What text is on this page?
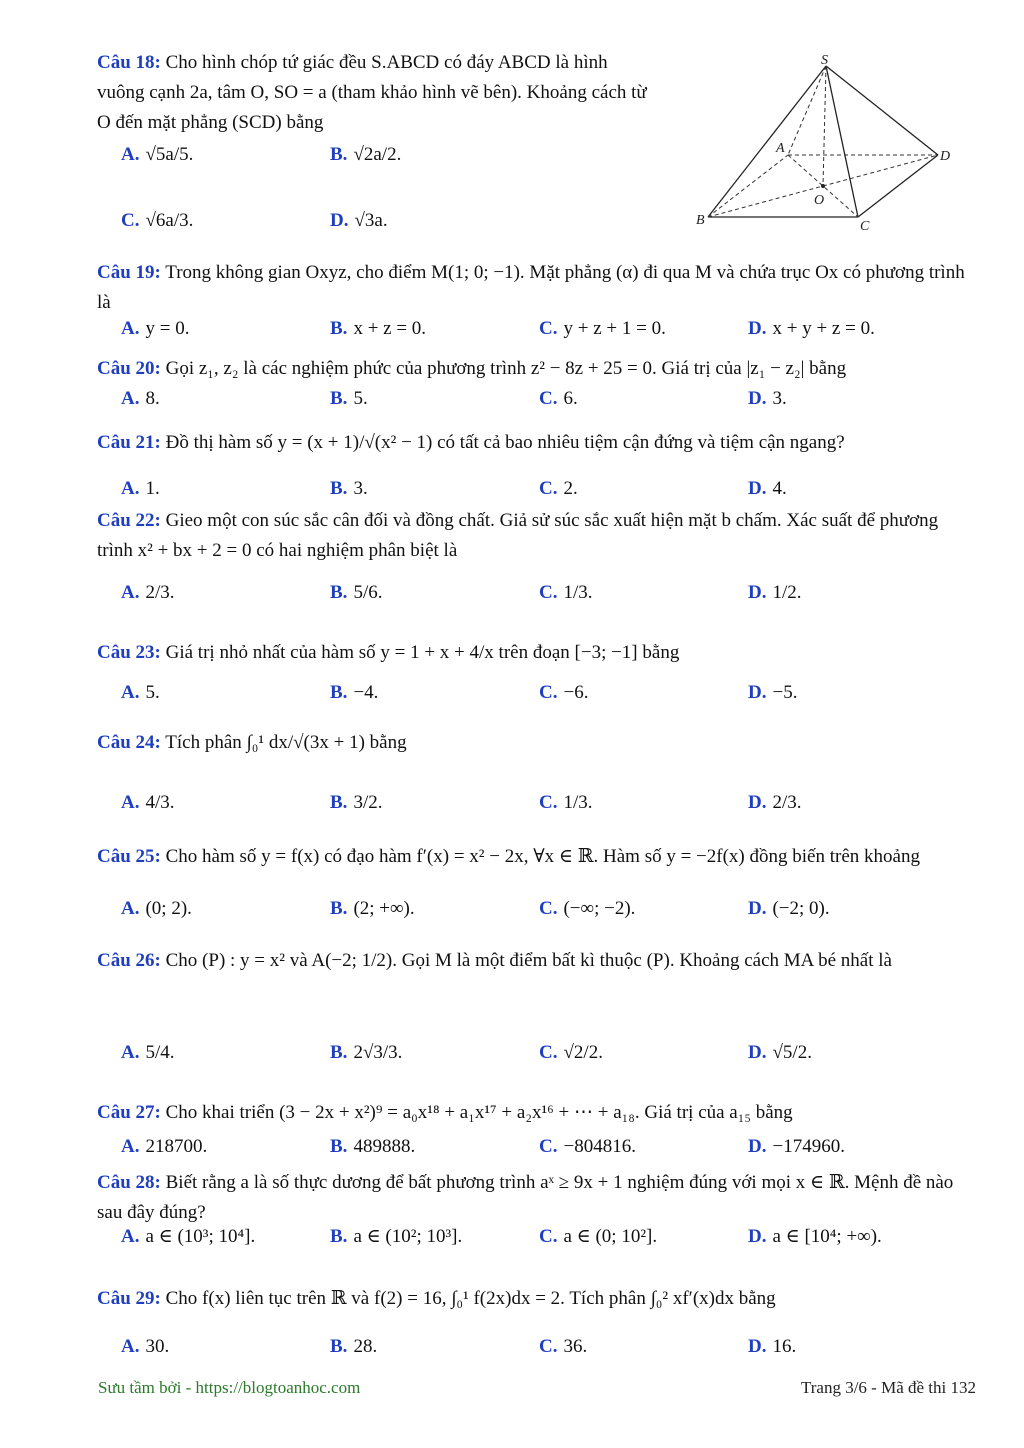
Câu 18: Cho hình chóp tứ giác đều S.ABCD có đáy ABCD là hình vuông cạnh 2a, tâm O, SO = a (tham khảo hình vẽ bên). Khoảng cách từ O đến mặt phẳng (SCD) bằng
A. √5a/5.	B. √2a/2.
C. √6a/3.	D. √3a.
S
A
B	C
D
O
Câu 19: Trong không gian Oxyz, cho điểm M(1; 0; −1). Mặt phẳng (α) đi qua M và chứa trục Ox có phương trình là
A. y = 0.	B. x + z = 0.	C. y + z + 1 = 0.	D. x + y + z = 0.
Câu 20: Gọi z₁, z₂ là các nghiệm phức của phương trình z² − 8z + 25 = 0. Giá trị của |z₁ − z₂| bằng
A. 8.	B. 5.	C. 6.	D. 3.
Câu 21: Đồ thị hàm số y = (x + 1)/√(x² − 1) có tất cả bao nhiêu tiệm cận đứng và tiệm cận ngang?
A. 1.	B. 3.	C. 2.	D. 4.
Câu 22: Gieo một con súc sắc cân đối và đồng chất. Giả sử súc sắc xuất hiện mặt b chấm. Xác suất để phương trình x² + bx + 2 = 0 có hai nghiệm phân biệt là
A. 2/3.	B. 5/6.	C. 1/3.	D. 1/2.
Câu 23: Giá trị nhỏ nhất của hàm số y = 1 + x + 4/x trên đoạn [−3; −1] bằng
A. 5.	B. −4.	C. −6.	D. −5.
Câu 24: Tích phân ∫₀¹ dx/√(3x + 1) bằng
A. 4/3.	B. 3/2.	C. 1/3.	D. 2/3.
Câu 25: Cho hàm số y = f(x) có đạo hàm f′(x) = x² − 2x, ∀x ∈ ℝ. Hàm số y = −2f(x) đồng biến trên khoảng
A. (0; 2).	B. (2; +∞).	C. (−∞; −2).	D. (−2; 0).
Câu 26: Cho (P) : y = x² và A(−2; 1/2). Gọi M là một điểm bất kì thuộc (P). Khoảng cách MA bé nhất là
A. 5/4.	B. 2√3/3.	C. √2/2.	D. √5/2.
Câu 27: Cho khai triển (3 − 2x + x²)⁹ = a₀x¹⁸ + a₁x¹⁷ + a₂x¹⁶ + ⋯ + a₁₈. Giá trị của a₁₅ bằng
A. 218700.	B. 489888.	C. −804816.	D. −174960.
Câu 28: Biết rằng a là số thực dương để bất phương trình aˣ ≥ 9x + 1 nghiệm đúng với mọi x ∈ ℝ. Mệnh đề nào sau đây đúng?
A. a ∈ (10³; 10⁴].	B. a ∈ (10²; 10³].	C. a ∈ (0; 10²].	D. a ∈ [10⁴; +∞).
Câu 29: Cho f(x) liên tục trên ℝ và f(2) = 16, ∫₀¹ f(2x)dx = 2. Tích phân ∫₀² xf′(x)dx bằng
A. 30.	B. 28.	C. 36.	D. 16.
Sưu tầm bởi - https://blogtoanhoc.com	Trang 3/6 - Mã đề thi 132
